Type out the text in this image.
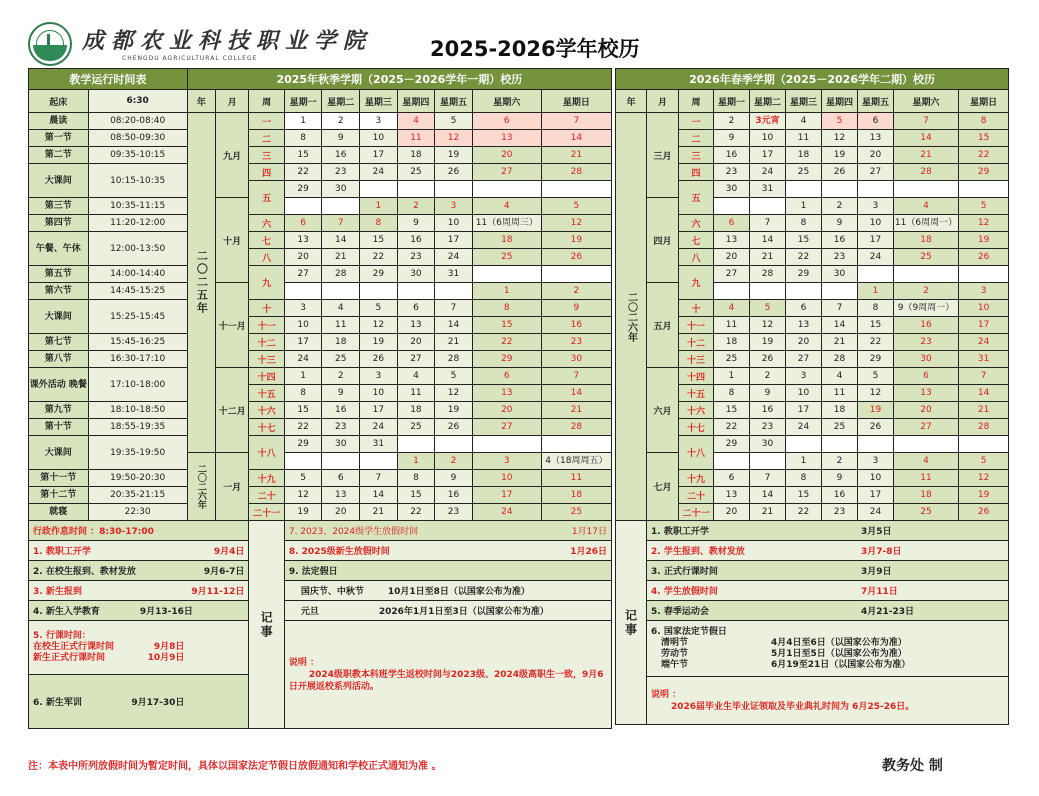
成都农业科技职业学院
CHENGDU AGRICULTURAL COLLEGE	2025-2026学年校历
教学运行时间表		2025年秋季学期（2025－2026学年一期）校历									
起床	6:30	年	月	周	星期一	星期二	星期三	星期四	星期五	星期六	星期日
晨读	08:20-08:40	二〇二五年	九月	一	1	2	3	4	5	6	7
第一节	08:50-09:30			二	8	9	10	11	12	13	14
第二节	09:35-10:15			三	15	16	17	18	19	20	21
大课间	10:15-10:35			四	22	23	24	25	26	27	28
				五	29	30					
第三节	10:35-11:15		十月				1	2	3	4	5
第四节	11:20-12:00			六	6	7	8	9	10	11（6周周三）	12
午餐、午休	12:00-13:50			七	13	14	15	16	17	18	19
				八	20	21	22	23	24	25	26
第五节	14:00-14:40			九	27	28	29	30	31		
第六节	14:45-15:25		十一月							1	2
大课间	15:25-15:45			十	3	4	5	6	7	8	9
				十一	10	11	12	13	14	15	16
第七节	15:45-16:25			十二	17	18	19	20	21	22	23
第八节	16:30-17:10			十三	24	25	26	27	28	29	30
课外活动 晚餐	17:10-18:00		十二月	十四	1	2	3	4	5	6	7
				十五	8	9	10	11	12	13	14
第九节	18:10-18:50			十六	15	16	17	18	19	20	21
第十节	18:55-19:35			十七	22	23	24	25	26	27	28
大课间	19:35-19:50			十八	29	30	31				
		二〇二六年	一月					1	2	3	4（18周周五）
第十一节	19:50-20:30			十九	5	6	7	8	9	10	11
第十二节	20:35-21:15			二十	12	13	14	15	16	17	18
就寝	22:30			二十一	19	20	21	22	23	24	25
行政作息时间 ：8:30-17:00				记事	7. 2023、2024级学生放假时间 1月17日						

1. 教职工开学 9月4日					8. 2025级新生放假时间 1月26日						

2. 在校生报到、教材发放 9月6-7日					9. 法定假日						
3. 新生报到 9月11-12日					国庆节、中秋节 10月1日至8日（以国家公布为准）						
4. 新生入学教育 9月13-16日					元旦 2026年1月1日至3日（以国家公布为准）						

5. 行课时间：
在校生正式行课时间	9月8日
新生正式行课时间	10月9日	说明 ：
2024级职教本科班学生返校时间与2023级、2024级高职生一致，9月6日开展返校系列活动。

6. 新生军训 9月17-30日											
2026年春季学期（2025－2026学年二期）校历									
年	月	周	星期一	星期二	星期三	星期四	星期五	星期六	星期日
二〇二六年	三月	一	2	3元宵	4	5	6	7	8
		二	9	10	11	12	13	14	15
		三	16	17	18	19	20	21	22
		四	23	24	25	26	27	28	29
		五	30	31					
	四月				1	2	3	4	5
		六	6	7	8	9	10	11（6周周一）	12
		七	13	14	15	16	17	18	19
		八	20	21	22	23	24	25	26
		九	27	28	29	30			
	五月						1	2	3
		十	4	5	6	7	8	9（9周周一）	10
		十一	11	12	13	14	15	16	17
		十二	18	19	20	21	22	23	24
		十三	25	26	27	28	29	30	31
	六月	十四	1	2	3	4	5	6	7
		十五	8	9	10	11	12	13	14
		十六	15	16	17	18	19	20	21
		十七	22	23	24	25	26	27	28
		十八	29	30					
	七月				1	2	3	4	5
		十九	6	7	8	9	10	11	12
		二十	13	14	15	16	17	18	19
		二十一	20	21	22	23	24	25	26
记事	1. 教职工开学 3月5日								
	2. 学生报到、教材发放 3月7-8日								
	3. 正式行课时间 3月9日								
	4. 学生放假时间 7月11日								
	5. 春季运动会 4月21-23日								

	6. 国家法定节假日
清明节 4月4日至6日（以国家公布为准）
劳动节 5月1日至5日（以国家公布为准）
端午节 6月19至21日（以国家公布为准）								

	说明 ：
2026届毕业生毕业证领取及毕业典礼时间为 6月25-26日。								
注：本表中所列放假时间为暂定时间，具体以国家法定节假日放假通知和学校正式通知为准 。	教务处 制
